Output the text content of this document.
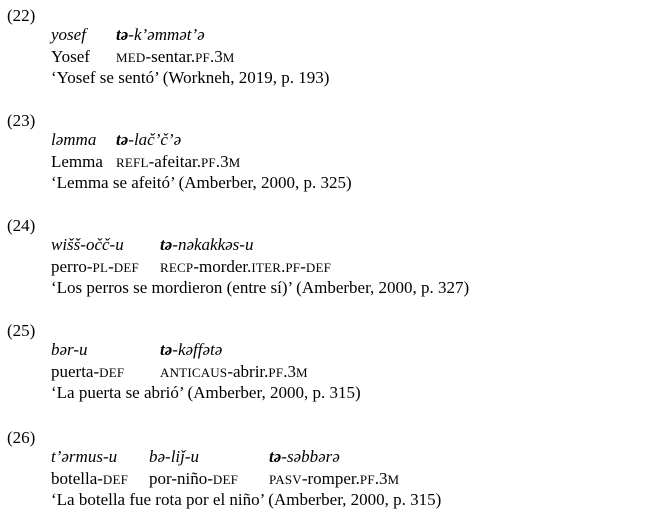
(22)
yosef tə-k’əmmət’ə
Yosef MED-sentar.PF.3M
‘Yosef se sentó’ (Workneh, 2019, p. 193)
(23)
ləmma tə-lač’č’ə
Lemma REFL-afeitar.PF.3M
‘Lemma se afeitó’ (Amberber, 2000, p. 325)
(24)
wišš-očč-u tə-nəkakkəs-u
perro-PL-DEF RECP-morder.ITER.PF-DEF
‘Los perros se mordieron (entre sí)’ (Amberber, 2000, p. 327)
(25)
bər-u	tə-kəffətə
puerta-DEF	ANTICAUS-abrir.PF.3M
‘La puerta se abrió’ (Amberber, 2000, p. 315)
(26)
t’ərmus-u bə-liǰ-u	tə-səbbərə
botella-DEF por-niño-DEF PASV-romper.PF.3M
‘La botella fue rota por el niño’ (Amberber, 2000, p. 315)
